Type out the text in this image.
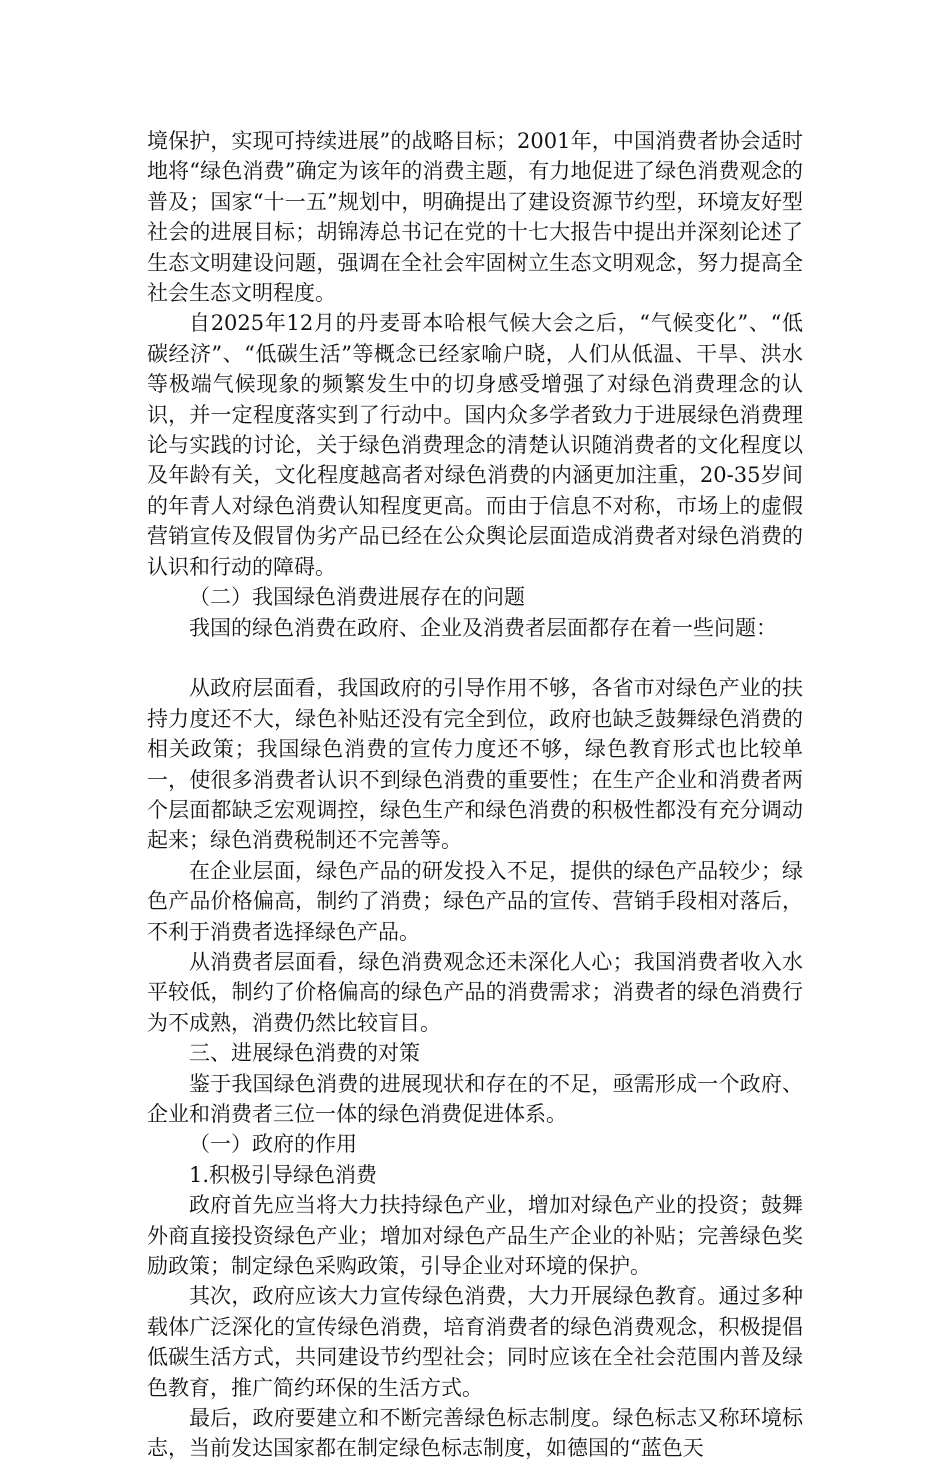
境保护，实现可持续进展”的战略目标；2001年，中国消费者协会适时地将“绿色消费”确定为该年的消费主题，有力地促进了绿色消费观念的普及；国家“十一五”规划中，明确提出了建设资源节约型，环境友好型社会的进展目标；胡锦涛总书记在党的十七大报告中提出并深刻论述了生态文明建设问题，强调在全社会牢固树立生态文明观念，努力提高全社会生态文明程度。

自2025年12月的丹麦哥本哈根气候大会之后，“气候变化”、“低碳经济”、“低碳生活”等概念已经家喻户晓，人们从低温、干旱、洪水等极端气候现象的频繁发生中的切身感受增强了对绿色消费理念的认识，并一定程度落实到了行动中。国内众多学者致力于进展绿色消费理论与实践的讨论，关于绿色消费理念的清楚认识随消费者的文化程度以及年龄有关，文化程度越高者对绿色消费的内涵更加注重，20-35岁间的年青人对绿色消费认知程度更高。而由于信息不对称，市场上的虚假营销宣传及假冒伪劣产品已经在公众舆论层面造成消费者对绿色消费的认识和行动的障碍。

（二）我国绿色消费进展存在的问题

我国的绿色消费在政府、企业及消费者层面都存在着一些问题：

从政府层面看，我国政府的引导作用不够，各省市对绿色产业的扶持力度还不大，绿色补贴还没有完全到位，政府也缺乏鼓舞绿色消费的相关政策；我国绿色消费的宣传力度还不够，绿色教育形式也比较单一，使很多消费者认识不到绿色消费的重要性；在生产企业和消费者两个层面都缺乏宏观调控，绿色生产和绿色消费的积极性都没有充分调动起来；绿色消费税制还不完善等。

在企业层面，绿色产品的研发投入不足，提供的绿色产品较少；绿色产品价格偏高，制约了消费；绿色产品的宣传、营销手段相对落后，不利于消费者选择绿色产品。

从消费者层面看，绿色消费观念还未深化人心；我国消费者收入水平较低，制约了价格偏高的绿色产品的消费需求；消费者的绿色消费行为不成熟，消费仍然比较盲目。

三、进展绿色消费的对策

鉴于我国绿色消费的进展现状和存在的不足，亟需形成一个政府、企业和消费者三位一体的绿色消费促进体系。

（一）政府的作用

1.积极引导绿色消费

政府首先应当将大力扶持绿色产业，增加对绿色产业的投资；鼓舞外商直接投资绿色产业；增加对绿色产品生产企业的补贴；完善绿色奖励政策；制定绿色采购政策，引导企业对环境的保护。

其次，政府应该大力宣传绿色消费，大力开展绿色教育。通过多种载体广泛深化的宣传绿色消费，培育消费者的绿色消费观念，积极提倡低碳生活方式，共同建设节约型社会；同时应该在全社会范围内普及绿色教育，推广简约环保的生活方式。

最后，政府要建立和不断完善绿色标志制度。绿色标志又称环境标志，当前发达国家都在制定绿色标志制度，如德国的“蓝色天
